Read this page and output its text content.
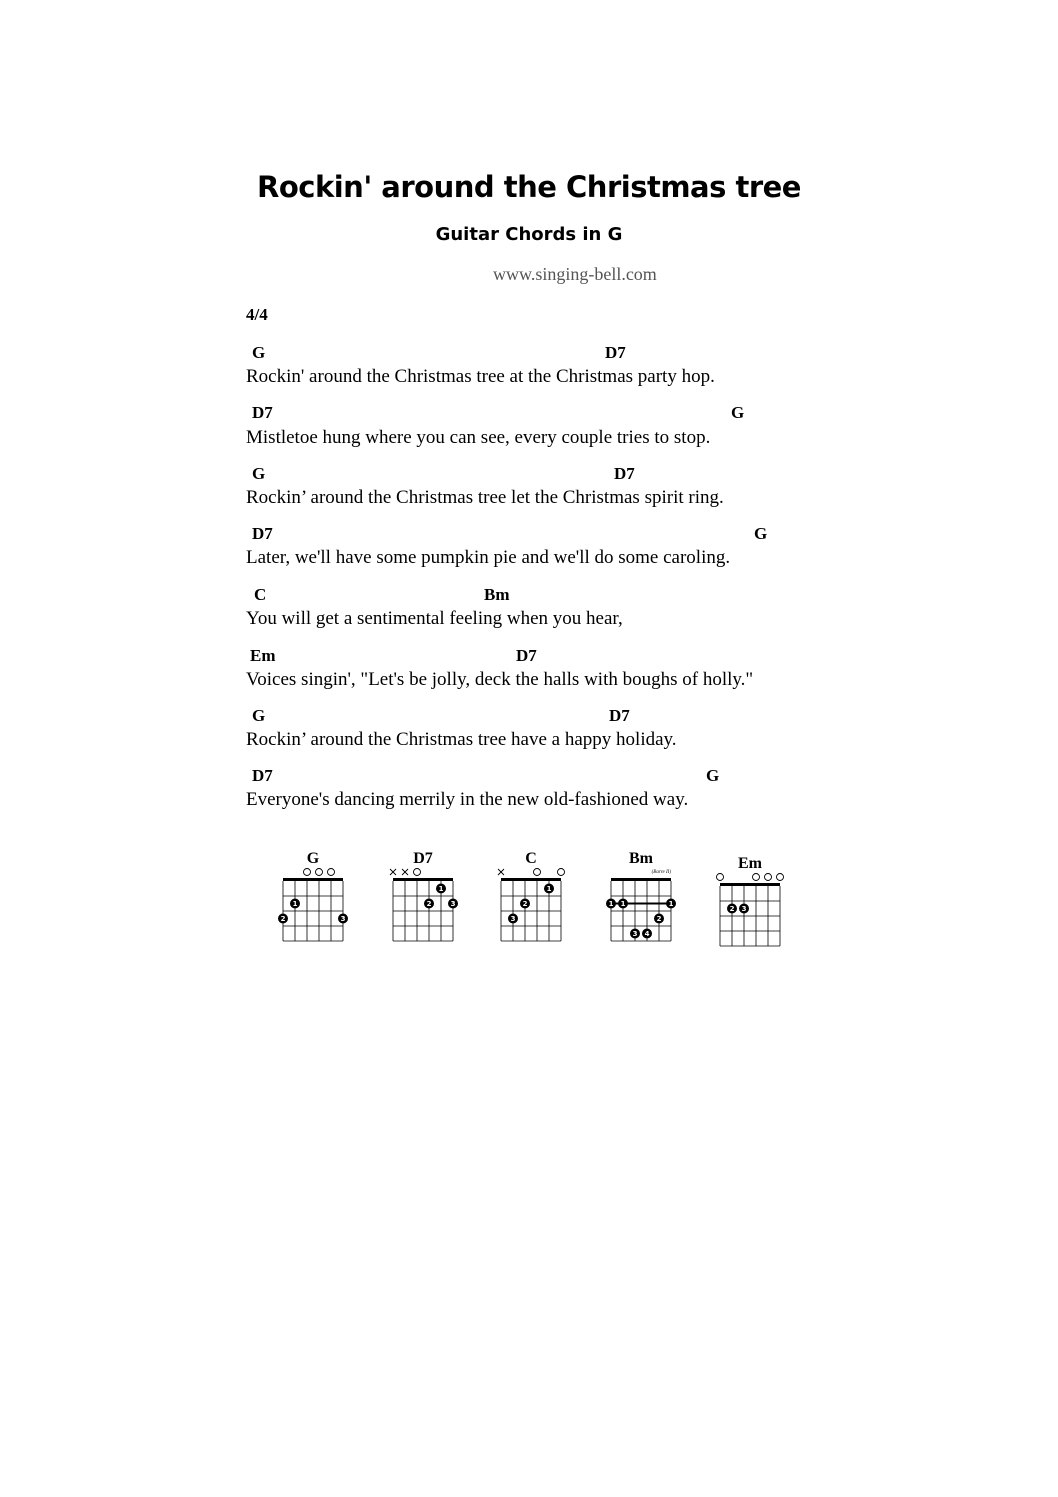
Rockin' around the Christmas tree
Guitar Chords in G
www.singing-bell.com
4/4
G	D7
Rockin' around the Christmas tree at the Christmas party hop.
D7	G
Mistletoe hung where you can see, every couple tries to stop.
G	D7
Rockin’ around the Christmas tree let the Christmas spirit ring.
D7	G
Later, we'll have some pumpkin pie and we'll do some caroling.
C	Bm
You will get a sentimental feeling when you hear,
Em	D7
Voices singin', "Let's be jolly, deck the halls with boughs of holly."
G	D7
Rockin’ around the Christmas tree have a happy holiday.
D7	G
Everyone's dancing merrily in the new old-fashioned way.
G
1
2	3
D7
1
2	3
C
1
2
3
Bm
(Barre II)
1 1	1
2
3 4
Em
2 3
